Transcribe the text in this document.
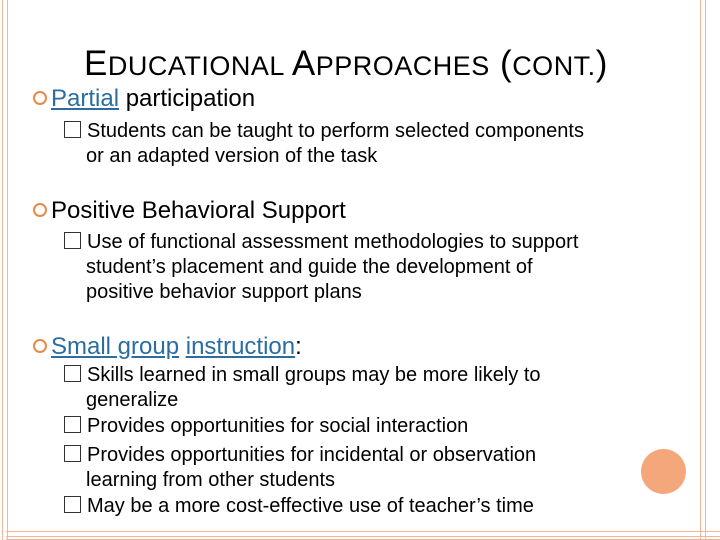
EDUCATIONAL APPROACHES (CONT.)
Partial participation
Students can be taught to perform selected components
or an adapted version of the task
Positive Behavioral Support
Use of functional assessment methodologies to support
student’s placement and guide the development of
positive behavior support plans
Small group instruction:
Skills learned in small groups may be more likely to
generalize
Provides opportunities for social interaction
Provides opportunities for incidental or observation
learning from other students
May be a more cost-effective use of teacher’s time
